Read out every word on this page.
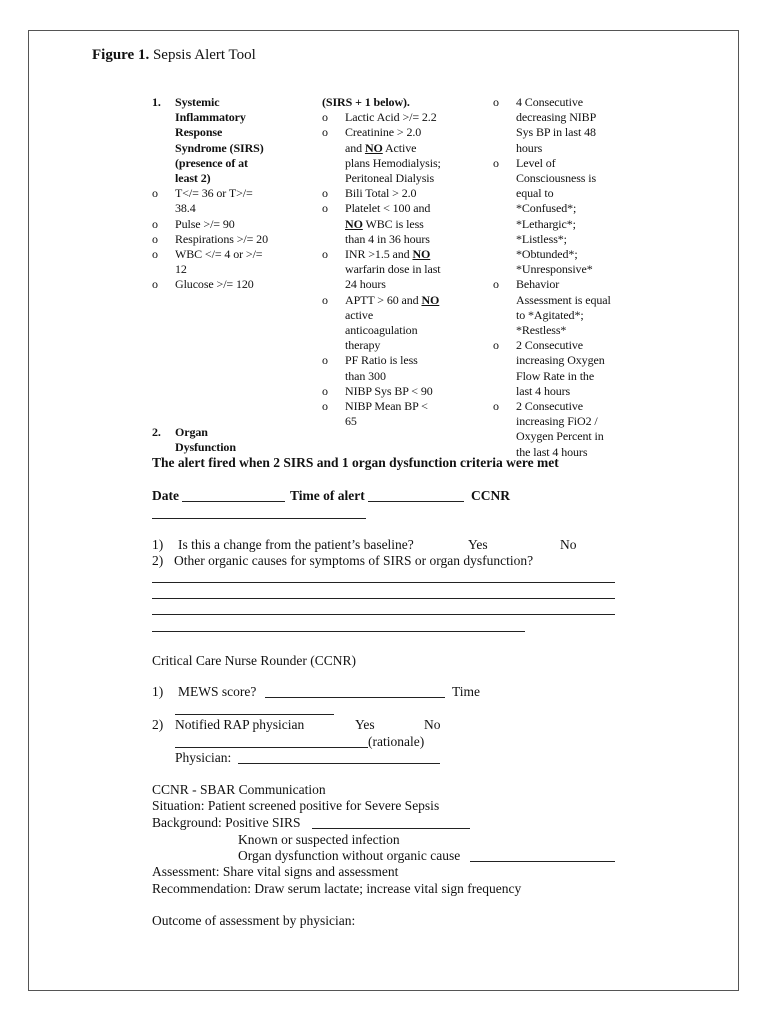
Figure 1. Sepsis Alert Tool
1. Systemic
Inflammatory
Response
Syndrome (SIRS)
(presence of at
least 2)
o T</= 36 or T>/=
38.4
o Pulse >/= 90
o Respirations >/= 20
o WBC </= 4 or >/=
12
o Glucose >/= 120
2. Organ
Dysfunction
(SIRS + 1 below).
o Lactic Acid >/= 2.2
o Creatinine > 2.0
and NO Active
plans Hemodialysis;
Peritoneal Dialysis
o Bili Total > 2.0
o Platelet < 100 and
NO WBC is less
than 4 in 36 hours
o INR >1.5 and NO
warfarin dose in last
24 hours
o APTT > 60 and NO
active
anticoagulation
therapy
o PF Ratio is less
than 300
o NIBP Sys BP < 90
o NIBP Mean BP <
65
o 4 Consecutive
decreasing NIBP
Sys BP in last 48
hours
o Level of
Consciousness is
equal to
*Confused*;
*Lethargic*;
*Listless*;
*Obtunded*;
*Unresponsive*
o Behavior
Assessment is equal
to *Agitated*;
*Restless*
o 2 Consecutive
increasing Oxygen
Flow Rate in the
last 4 hours
o 2 Consecutive
increasing FiO2 /
Oxygen Percent in
the last 4 hours
The alert fired when 2 SIRS and 1 organ dysfunction criteria were met
Date	Time of alert	CCNR
1) Is this a change from the patient’s baseline?	Yes	No
2) Other organic causes for symptoms of SIRS or organ dysfunction?
Critical Care Nurse Rounder (CCNR)
1) MEWS score?	Time
2) Notified RAP physician	Yes	No
(rationale)
Physician:
CCNR - SBAR Communication
Situation: Patient screened positive for Severe Sepsis
Background: Positive SIRS
Known or suspected infection
Organ dysfunction without organic cause
Assessment: Share vital signs and assessment
Recommendation: Draw serum lactate; increase vital sign frequency
Outcome of assessment by physician:
